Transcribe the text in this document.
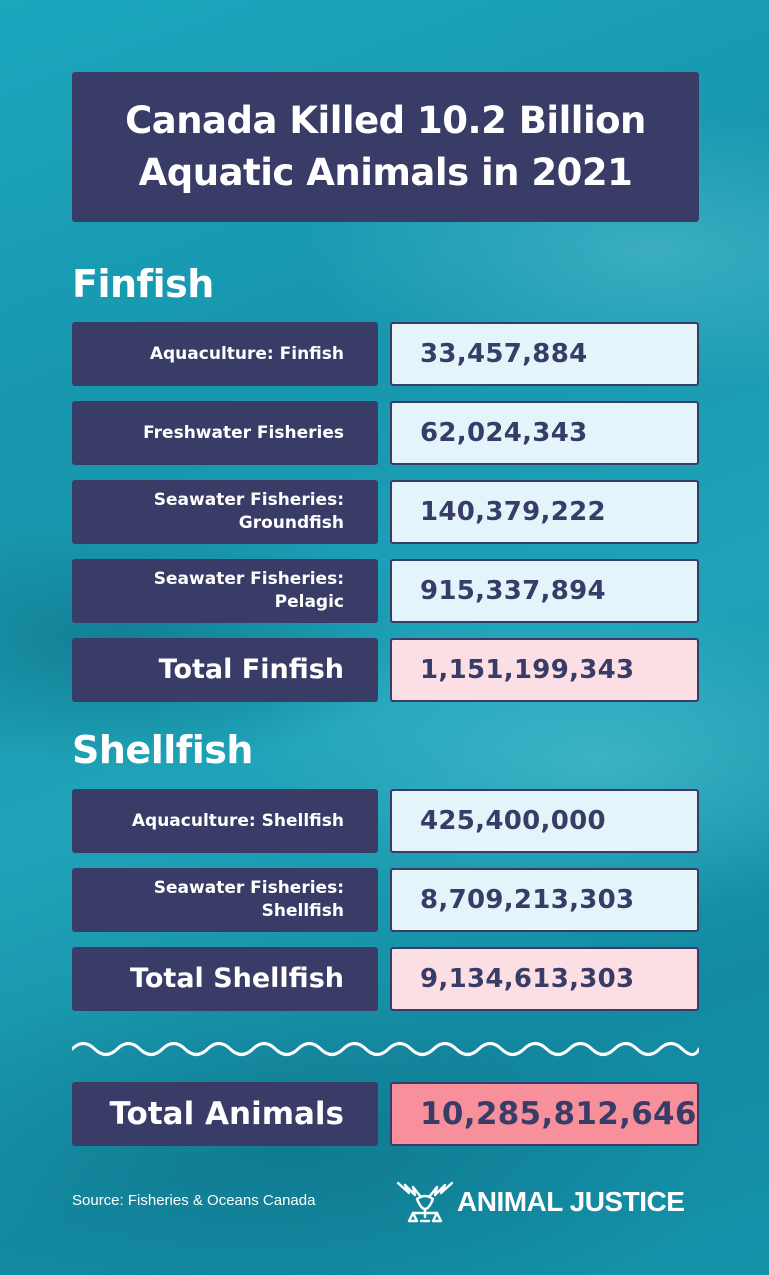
Canada Killed 10.2 Billion Aquatic Animals in 2021
Finfish
Aquaculture: Finfish	33,457,884
Freshwater Fisheries	62,024,343
Seawater Fisheries: Groundfish	140,379,222
Seawater Fisheries: Pelagic	915,337,894
Total Finfish	1,151,199,343
Shellfish
Aquaculture: Shellfish	425,400,000
Seawater Fisheries: Shellfish	8,709,213,303
Total Shellfish	9,134,613,303
Total Animals 10,285,812,646
Source: Fisheries & Oceans Canada	ANIMAL JUSTICE
